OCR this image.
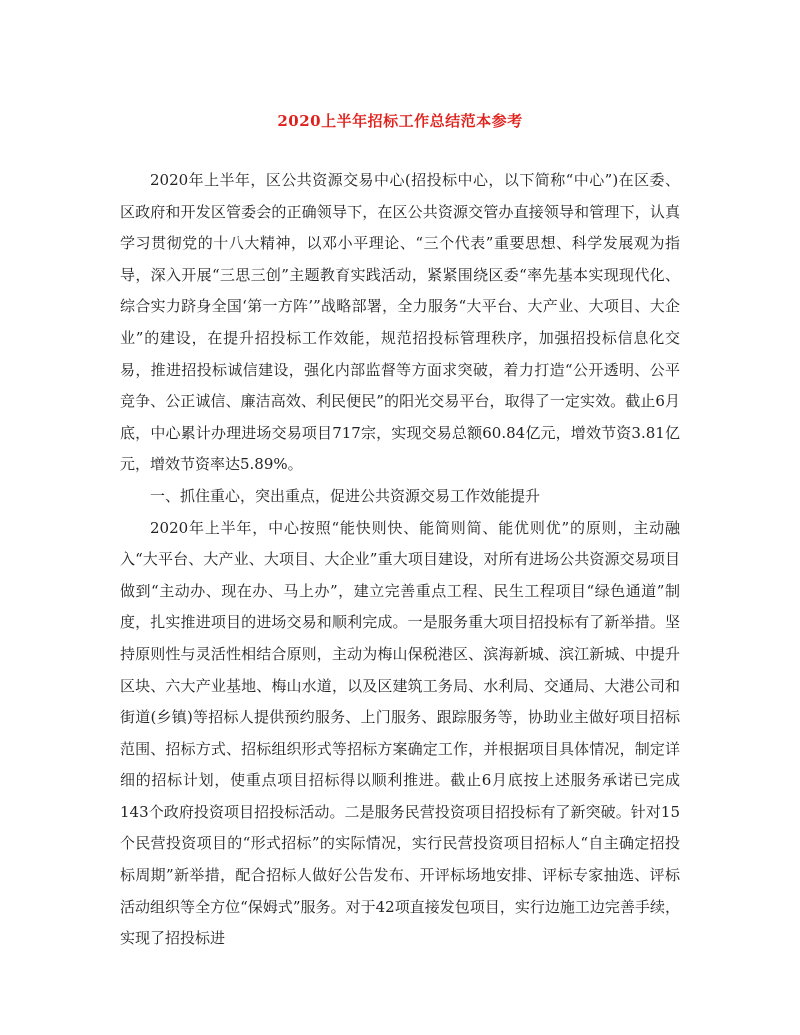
2020上半年招标工作总结范本参考

2020年上半年，区公共资源交易中心(招投标中心，以下简称“中心”)在区委、区政府和开发区管委会的正确领导下，在区公共资源交管办直接领导和管理下，认真学习贯彻党的十八大精神，以邓小平理论、“三个代表”重要思想、科学发展观为指导，深入开展“三思三创”主题教育实践活动，紧紧围绕区委“率先基本实现现代化、综合实力跻身全国‘第一方阵’”战略部署，全力服务“大平台、大产业、大项目、大企业”的建设，在提升招投标工作效能，规范招投标管理秩序，加强招投标信息化交易，推进招投标诚信建设，强化内部监督等方面求突破，着力打造“公开透明、公平竞争、公正诚信、廉洁高效、利民便民”的阳光交易平台，取得了一定实效。截止6月底，中心累计办理进场交易项目717宗，实现交易总额60.84亿元，增效节资3.81亿元，增效节资率达5.89%。

一、抓住重心，突出重点，促进公共资源交易工作效能提升

2020年上半年，中心按照“能快则快、能简则简、能优则优”的原则，主动融入“大平台、大产业、大项目、大企业”重大项目建设，对所有进场公共资源交易项目做到“主动办、现在办、马上办”，建立完善重点工程、民生工程项目“绿色通道”制度，扎实推进项目的进场交易和顺利完成。一是服务重大项目招投标有了新举措。坚持原则性与灵活性相结合原则，主动为梅山保税港区、滨海新城、滨江新城、中提升区块、六大产业基地、梅山水道，以及区建筑工务局、水利局、交通局、大港公司和街道(乡镇)等招标人提供预约服务、上门服务、跟踪服务等，协助业主做好项目招标范围、招标方式、招标组织形式等招标方案确定工作，并根据项目具体情况，制定详细的招标计划，使重点项目招标得以顺利推进。截止6月底按上述服务承诺已完成143个政府投资项目招投标活动。二是服务民营投资项目招投标有了新突破。针对15个民营投资项目的“形式招标”的实际情况，实行民营投资项目招标人“自主确定招投标周期”新举措，配合招标人做好公告发布、开评标场地安排、评标专家抽选、评标活动组织等全方位“保姆式”服务。对于42项直接发包项目，实行边施工边完善手续，实现了招投标进
